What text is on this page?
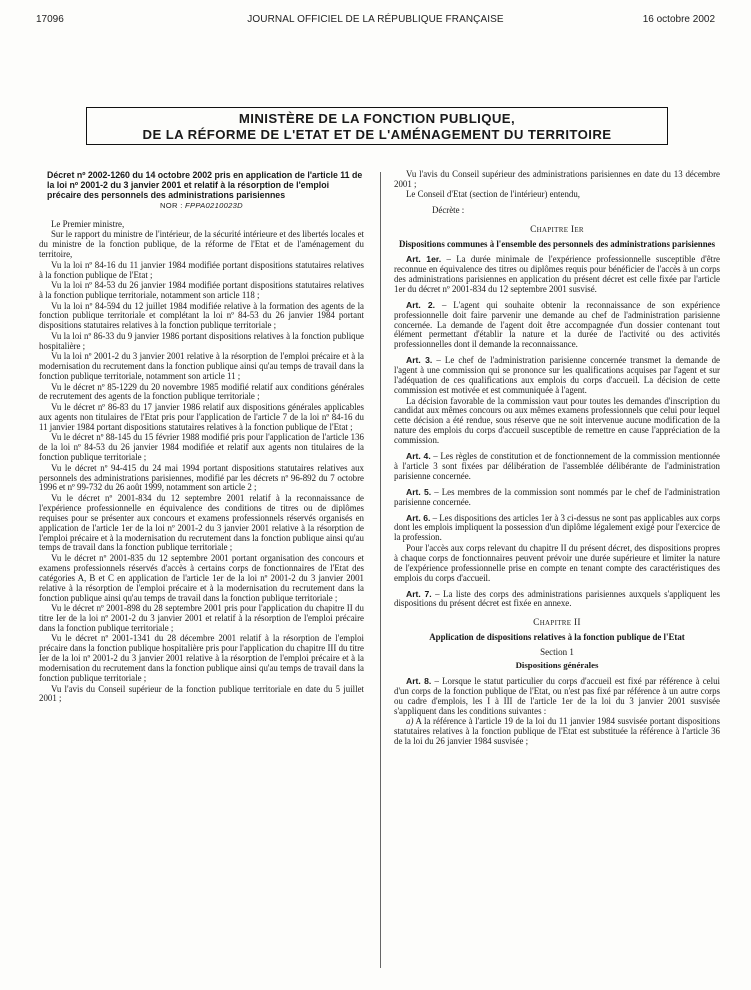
17096	JOURNAL OFFICIEL DE LA RÉPUBLIQUE FRANÇAISE	16 octobre 2002
MINISTÈRE DE LA FONCTION PUBLIQUE,
DE LA RÉFORME DE L'ETAT ET DE L'AMÉNAGEMENT DU TERRITOIRE
Décret nº 2002-1260 du 14 octobre 2002 pris en application de l'article 11 de la loi nº 2001-2 du 3 janvier 2001 et relatif à la résorption de l'emploi précaire des personnels des administrations parisiennes
NOR : FPPA0210023D

Le Premier ministre,

Sur le rapport du ministre de l'intérieur, de la sécurité intérieure et des libertés locales et du ministre de la fonction publique, de la réforme de l'Etat et de l'aménagement du territoire,

Vu la loi nº 84-16 du 11 janvier 1984 modifiée portant dispositions statutaires relatives à la fonction publique de l'Etat ;

Vu la loi nº 84-53 du 26 janvier 1984 modifiée portant dispositions statutaires relatives à la fonction publique territoriale, notamment son article 118 ;

Vu la loi nº 84-594 du 12 juillet 1984 modifiée relative à la formation des agents de la fonction publique territoriale et complétant la loi nº 84-53 du 26 janvier 1984 portant dispositions statutaires relatives à la fonction publique territoriale ;

Vu la loi nº 86-33 du 9 janvier 1986 portant dispositions relatives à la fonction publique hospitalière ;

Vu la loi nº 2001-2 du 3 janvier 2001 relative à la résorption de l'emploi précaire et à la modernisation du recrutement dans la fonction publique ainsi qu'au temps de travail dans la fonction publique territoriale, notamment son article 11 ;

Vu le décret nº 85-1229 du 20 novembre 1985 modifié relatif aux conditions générales de recrutement des agents de la fonction publique territoriale ;

Vu le décret nº 86-83 du 17 janvier 1986 relatif aux dispositions générales applicables aux agents non titulaires de l'Etat pris pour l'application de l'article 7 de la loi nº 84-16 du 11 janvier 1984 portant dispositions statutaires relatives à la fonction publique de l'Etat ;

Vu le décret nº 88-145 du 15 février 1988 modifié pris pour l'application de l'article 136 de la loi nº 84-53 du 26 janvier 1984 modifiée et relatif aux agents non titulaires de la fonction publique territoriale ;

Vu le décret nº 94-415 du 24 mai 1994 portant dispositions statutaires relatives aux personnels des administrations parisiennes, modifié par les décrets nº 96-892 du 7 octobre 1996 et nº 99-732 du 26 août 1999, notamment son article 2 ;

Vu le décret nº 2001-834 du 12 septembre 2001 relatif à la reconnaissance de l'expérience professionnelle en équivalence des conditions de titres ou de diplômes requises pour se présenter aux concours et examens professionnels réservés organisés en application de l'article 1er de la loi nº 2001-2 du 3 janvier 2001 relative à la résorption de l'emploi précaire et à la modernisation du recrutement dans la fonction publique ainsi qu'au temps de travail dans la fonction publique territoriale ;

Vu le décret nº 2001-835 du 12 septembre 2001 portant organisation des concours et examens professionnels réservés d'accès à certains corps de fonctionnaires de l'Etat des catégories A, B et C en application de l'article 1er de la loi nº 2001-2 du 3 janvier 2001 relative à la résorption de l'emploi précaire et à la modernisation du recrutement dans la fonction publique ainsi qu'au temps de travail dans la fonction publique territoriale ;

Vu le décret nº 2001-898 du 28 septembre 2001 pris pour l'application du chapitre II du titre Ier de la loi nº 2001-2 du 3 janvier 2001 et relatif à la résorption de l'emploi précaire dans la fonction publique territoriale ;

Vu le décret nº 2001-1341 du 28 décembre 2001 relatif à la résorption de l'emploi précaire dans la fonction publique hospitalière pris pour l'application du chapitre III du titre Ier de la loi nº 2001-2 du 3 janvier 2001 relative à la résorption de l'emploi précaire et à la modernisation du recrutement dans la fonction publique ainsi qu'au temps de travail dans la fonction publique territoriale ;

Vu l'avis du Conseil supérieur de la fonction publique territoriale en date du 5 juillet 2001 ;

Vu l'avis du Conseil supérieur des administrations parisiennes en date du 13 décembre 2001 ;

Le Conseil d'Etat (section de l'intérieur) entendu,

Décrète :

Chapitre Ier

Dispositions communes à l'ensemble des personnels des administrations parisiennes

Art. 1er. – La durée minimale de l'expérience professionnelle susceptible d'être reconnue en équivalence des titres ou diplômes requis pour bénéficier de l'accès à un corps des administrations parisiennes en application du présent décret est celle fixée par l'article 1er du décret nº 2001-834 du 12 septembre 2001 susvisé.

Art. 2. – L'agent qui souhaite obtenir la reconnaissance de son expérience professionnelle doit faire parvenir une demande au chef de l'administration parisienne concernée. La demande de l'agent doit être accompagnée d'un dossier contenant tout élément permettant d'établir la nature et la durée de l'activité ou des activités professionnelles dont il demande la reconnaissance.

Art. 3. – Le chef de l'administration parisienne concernée transmet la demande de l'agent à une commission qui se prononce sur les qualifications acquises par l'agent et sur l'adéquation de ces qualifications aux emplois du corps d'accueil. La décision de cette commission est motivée et est communiquée à l'agent.

La décision favorable de la commission vaut pour toutes les demandes d'inscription du candidat aux mêmes concours ou aux mêmes examens professionnels que celui pour lequel cette décision a été rendue, sous réserve que ne soit intervenue aucune modification de la nature des emplois du corps d'accueil susceptible de remettre en cause l'appréciation de la commission.

Art. 4. – Les règles de constitution et de fonctionnement de la commission mentionnée à l'article 3 sont fixées par délibération de l'assemblée délibérante de l'administration parisienne concernée.

Art. 5. – Les membres de la commission sont nommés par le chef de l'administration parisienne concernée.

Art. 6. – Les dispositions des articles 1er à 3 ci-dessus ne sont pas applicables aux corps dont les emplois impliquent la possession d'un diplôme légalement exigé pour l'exercice de la profession.

Pour l'accès aux corps relevant du chapitre II du présent décret, des dispositions propres à chaque corps de fonctionnaires peuvent prévoir une durée supérieure et limiter la nature de l'expérience professionnelle prise en compte en tenant compte des caractéristiques des emplois du corps d'accueil.

Art. 7. – La liste des corps des administrations parisiennes auxquels s'appliquent les dispositions du présent décret est fixée en annexe.

Chapitre II

Application de dispositions relatives à la fonction publique de l'Etat

Section 1

Dispositions générales

Art. 8. – Lorsque le statut particulier du corps d'accueil est fixé par référence à celui d'un corps de la fonction publique de l'Etat, ou n'est pas fixé par référence à un autre corps ou cadre d'emplois, les I à III de l'article 1er de la loi du 3 janvier 2001 susvisée s'appliquent dans les conditions suivantes :

a) A la référence à l'article 19 de la loi du 11 janvier 1984 susvisée portant dispositions statutaires relatives à la fonction publique de l'Etat est substituée la référence à l'article 36 de la loi du 26 janvier 1984 susvisée ;
